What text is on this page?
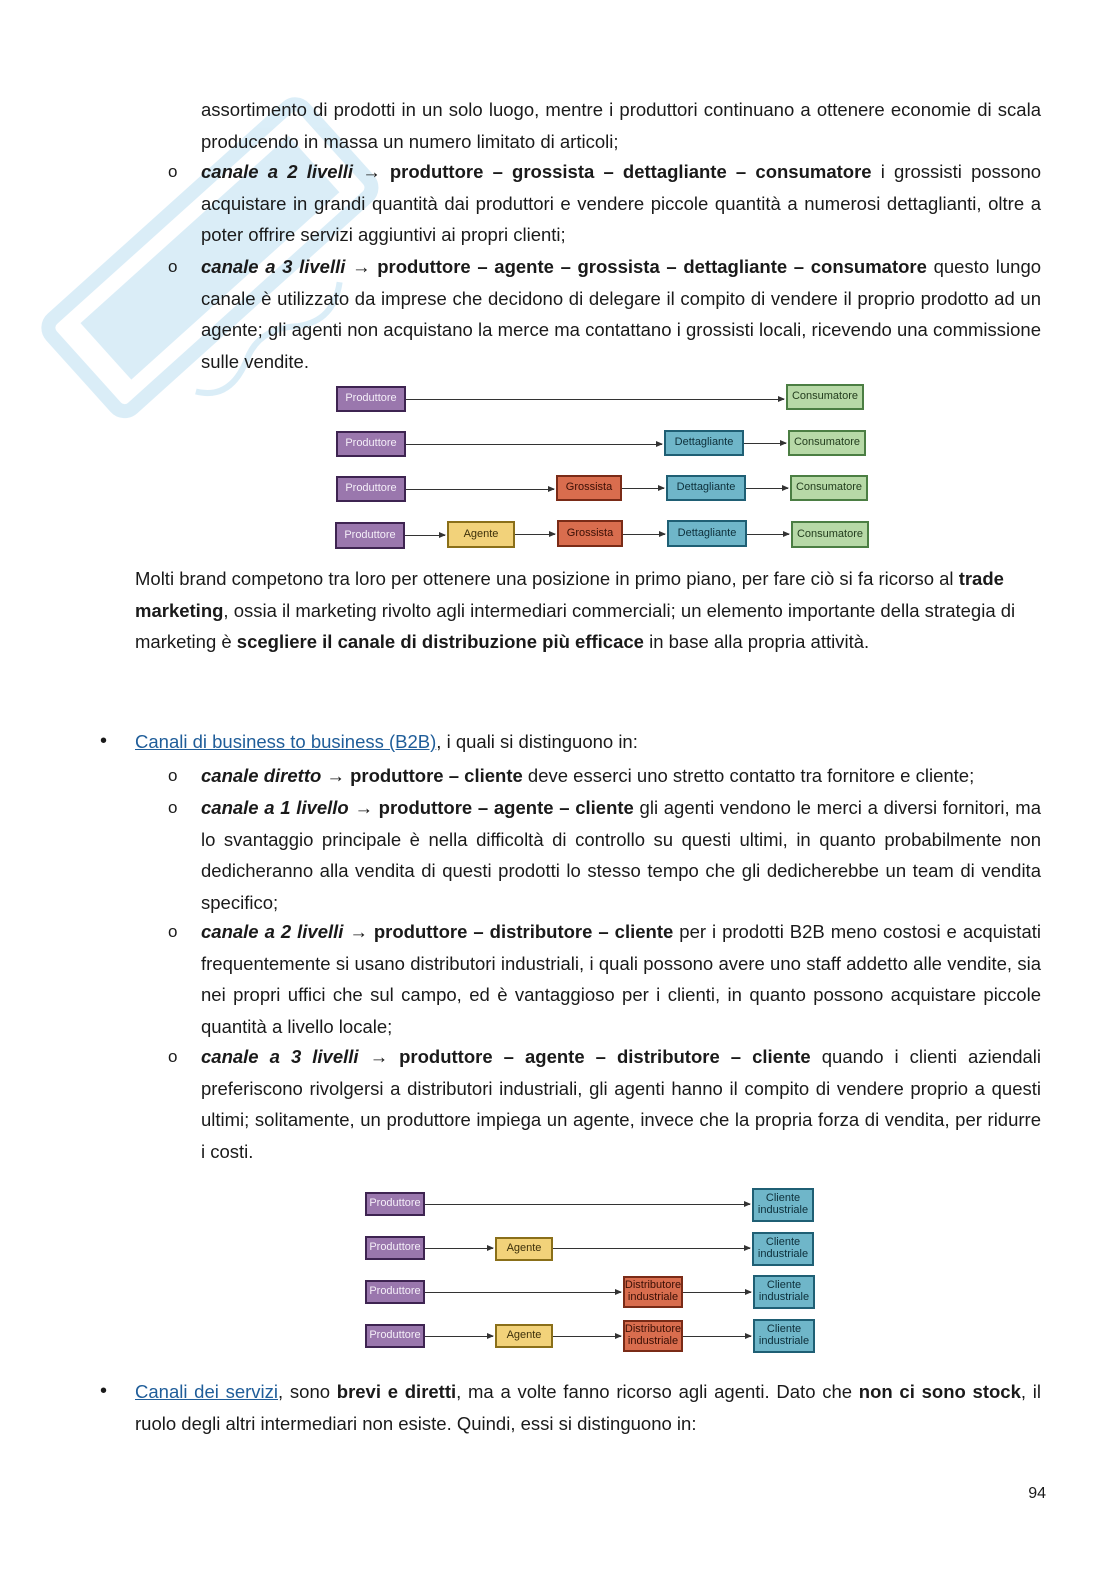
assortimento di prodotti in un solo luogo, mentre i produttori continuano a ottenere economie di scala producendo in massa un numero limitato di articoli;
o canale a 2 livelli → produttore – grossista – dettagliante – consumatore i grossisti possono acquistare in grandi quantità dai produttori e vendere piccole quantità a numerosi dettaglianti, oltre a poter offrire servizi aggiuntivi ai propri clienti;
o canale a 3 livelli → produttore – agente – grossista – dettagliante – consumatore questo lungo canale è utilizzato da imprese che decidono di delegare il compito di vendere il proprio prodotto ad un agente; gli agenti non acquistano la merce ma contattano i grossisti locali, ricevendo una commissione sulle vendite.
Produttore	Consumatore
Produttore	Dettagliante	Consumatore
Produttore	Grossista	Dettagliante	Consumatore
Produttore	Agente	Grossista	Dettagliante	Consumatore
Molti brand competono tra loro per ottenere una posizione in primo piano, per fare ciò si fa ricorso al trade marketing, ossia il marketing rivolto agli intermediari commerciali; un elemento importante della strategia di marketing è scegliere il canale di distribuzione più efficace in base alla propria attività.
• Canali di business to business (B2B), i quali si distinguono in:
o canale diretto → produttore – cliente deve esserci uno stretto contatto tra fornitore e cliente;
o canale a 1 livello → produttore – agente – cliente gli agenti vendono le merci a diversi fornitori, ma lo svantaggio principale è nella difficoltà di controllo su questi ultimi, in quanto probabilmente non dedicheranno alla vendita di questi prodotti lo stesso tempo che gli dedicherebbe un team di vendita specifico;
o canale a 2 livelli → produttore – distributore – cliente per i prodotti B2B meno costosi e acquistati frequentemente si usano distributori industriali, i quali possono avere uno staff addetto alle vendite, sia nei propri uffici che sul campo, ed è vantaggioso per i clienti, in quanto possono acquistare piccole quantità a livello locale;
o canale a 3 livelli → produttore – agente – distributore – cliente quando i clienti aziendali preferiscono rivolgersi a distributori industriali, gli agenti hanno il compito di vendere proprio a questi ultimi; solitamente, un produttore impiega un agente, invece che la propria forza di vendita, per ridurre i costi.
Produttore	Cliente industriale
Produttore	Agente	Cliente industriale
Produttore	Distributore industriale
Cliente industriale
Produttore	Agente	Distributore industriale
Cliente industriale
• Canali dei servizi, sono brevi e diretti, ma a volte fanno ricorso agli agenti. Dato che non ci sono stock, il ruolo degli altri intermediari non esiste. Quindi, essi si distinguono in:
94
